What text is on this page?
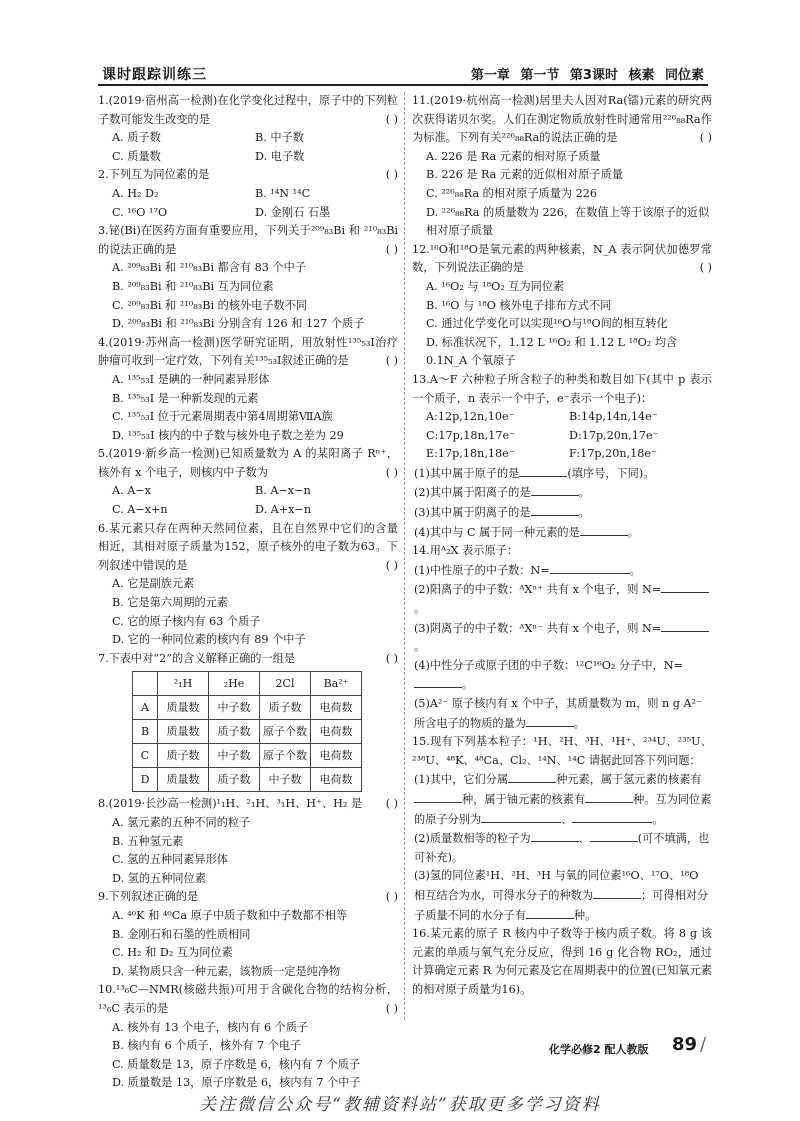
课时跟踪训练三	第一章 第一节 第3课时 核素 同位素
1.(2019·宿州高一检测)在化学变化过程中，原子中的下列粒子数可能发生改变的是	( )
A. 质子数	B. 中子数
C. 质量数	D. 电子数
2.下列互为同位素的是	( )
A. H₂ D₂	B. ¹⁴N ¹⁴C
C. ¹⁶O ¹⁷O	D. 金刚石 石墨
3.铋(Bi)在医药方面有重要应用，下列关于²⁰⁹₈₃Bi 和 ²¹⁰₈₃Bi的说法正确的是	( )
A. ²⁰⁹₈₃Bi 和 ²¹⁰₈₃Bi 都含有 83 个中子
B. ²⁰⁹₈₃Bi 和 ²¹⁰₈₃Bi 互为同位素
C. ²⁰⁹₈₃Bi 和 ²¹⁰₈₃Bi 的核外电子数不同
D. ²⁰⁹₈₃Bi 和 ²¹⁰₈₃Bi 分别含有 126 和 127 个质子
4.(2019·苏州高一检测)医学研究证明，用放射性¹³⁵₅₃I治疗肿瘤可收到一定疗效，下列有关¹³⁵₅₃I叙述正确的是	( )
A. ¹³⁵₅₃I 是碘的一种同素异形体
B. ¹³⁵₅₃I 是一种新发现的元素
C. ¹³⁵₅₃I 位于元素周期表中第4周期第ⅦA族
D. ¹³⁵₅₃I 核内的中子数与核外电子数之差为 29
5.(2019·新乡高一检测)已知质量数为 A 的某阳离子 Rⁿ⁺，核外有 x 个电子，则核内中子数为	( )
A. A−x	B. A−x−n
C. A−x+n	D. A+x−n
6.某元素只存在两种天然同位素，且在自然界中它们的含量相近，其相对原子质量为152，原子核外的电子数为63。下列叙述中错误的是	( )
A. 它是副族元素
B. 它是第六周期的元素
C. 它的原子核内有 63 个质子
D. 它的一种同位素的核内有 89 个中子
7.下表中对“2”的含义解释正确的一组是	( )
	²₁H	₂He	2Cl	Ba²⁺
A	质量数	中子数	质子数	电荷数
B	质量数	质子数	原子个数	电荷数
C	质子数	中子数	原子个数	电荷数
D	质量数	质子数	中子数	电荷数
8.(2019·长沙高一检测)¹₁H、²₁H、³₁H、H⁺、H₂ 是	( )
A. 氢元素的五种不同的粒子
B. 五种氢元素
C. 氢的五种同素异形体
D. 氢的五种同位素
9.下列叙述正确的是	( )
A. ⁴⁰K 和 ⁴⁰Ca 原子中质子数和中子数都不相等
B. 金刚石和石墨的性质相同
C. H₂ 和 D₂ 互为同位素
D. 某物质只含一种元素，该物质一定是纯净物
10.¹³₆C—NMR(核磁共振)可用于含碳化合物的结构分析，¹³₆C 表示的是	( )
A. 核外有 13 个电子，核内有 6 个质子
B. 核内有 6 个质子，核外有 7 个电子
C. 质量数是 13，原子序数是 6，核内有 7 个质子
D. 质量数是 13，原子序数是 6，核内有 7 个中子
11.(2019·杭州高一检测)居里夫人因对Ra(镭)元素的研究两次获得诺贝尔奖。人们在测定物质放射性时通常用²²⁶₈₈Ra作为标准。下列有关²²⁶₈₈Ra的说法正确的是	( )
A. 226 是 Ra 元素的相对原子质量
B. 226 是 Ra 元素的近似相对原子质量
C. ²²⁶₈₈Ra 的相对原子质量为 226
D. ²²⁶₈₈Ra 的质量数为 226，在数值上等于该原子的近似相对原子质量
12.¹⁶O和¹⁸O是氧元素的两种核素，N_A 表示阿伏加德罗常数，下列说法正确的是	( )
A. ¹⁶O₂ 与 ¹⁸O₂ 互为同位素
B. ¹⁶O 与 ¹⁸O 核外电子排布方式不同
C. 通过化学变化可以实现¹⁶O与¹⁸O间的相互转化
D. 标准状况下，1.12 L ¹⁶O₂ 和 1.12 L ¹⁸O₂ 均含 0.1N_A 个氧原子
13.A～F 六种粒子所含粒子的种类和数目如下(其中 p 表示一个质子，n 表示一个中子，e⁻表示一个电子)：
A:12p,12n,10e⁻	B:14p,14n,14e⁻
C:17p,18n,17e⁻	D:17p,20n,17e⁻
E:17p,18n,18e⁻	F:17p,20n,18e⁻
(1)其中属于原子的是	(填序号，下同)。
(2)其中属于阳离子的是	。
(3)其中属于阴离子的是	。
(4)其中与 C 属于同一种元素的是	。
14.用ᴬ₂X 表示原子：
(1)中性原子的中子数：N=	。
(2)阳离子的中子数：ᴬXⁿ⁺ 共有 x 个电子，则 N=。
(3)阴离子的中子数：ᴬXⁿ⁻ 共有 x 个电子，则 N=。
(4)中性分子或原子团的中子数：¹²C¹⁶O₂ 分子中，N=。
(5)A²⁻ 原子核内有 x 个中子，其质量数为 m，则 n g A²⁻ 所含电子的物质的量为	。
15.现有下列基本粒子：¹H、²H、³H、¹H⁺、²³⁴U、²³⁵U、²³⁸U、⁴⁸K、⁴⁸Ca、Cl₂、¹⁴N、¹⁴C 请据此回答下列问题：
(1)其中，它们分属	种元素，属于氢元素的核素有种，属于铀元素的核素有	种。互为同位素的原子分别为	、	。
(2)质量数相等的粒子为	、	(可不填满，也可补充)。
(3)氢的同位素¹H、²H、³H 与氧的同位素¹⁶O、¹⁷O、¹⁸O 相互结合为水，可得水分子的种数为	；可得相对分子质量不同的水分子有	种。
16.某元素的原子 R 核内中子数等于核内质子数。将 8 g 该元素的单质与氧气充分反应，得到 16 g 化合物 RO₂，通过计算确定元素 R 为何元素及它在周期表中的位置(已知氧元素的相对原子质量为16)。
化学必修2 配人教版 89 /
关注微信公众号“教辅资料站”获取更多学习资料
